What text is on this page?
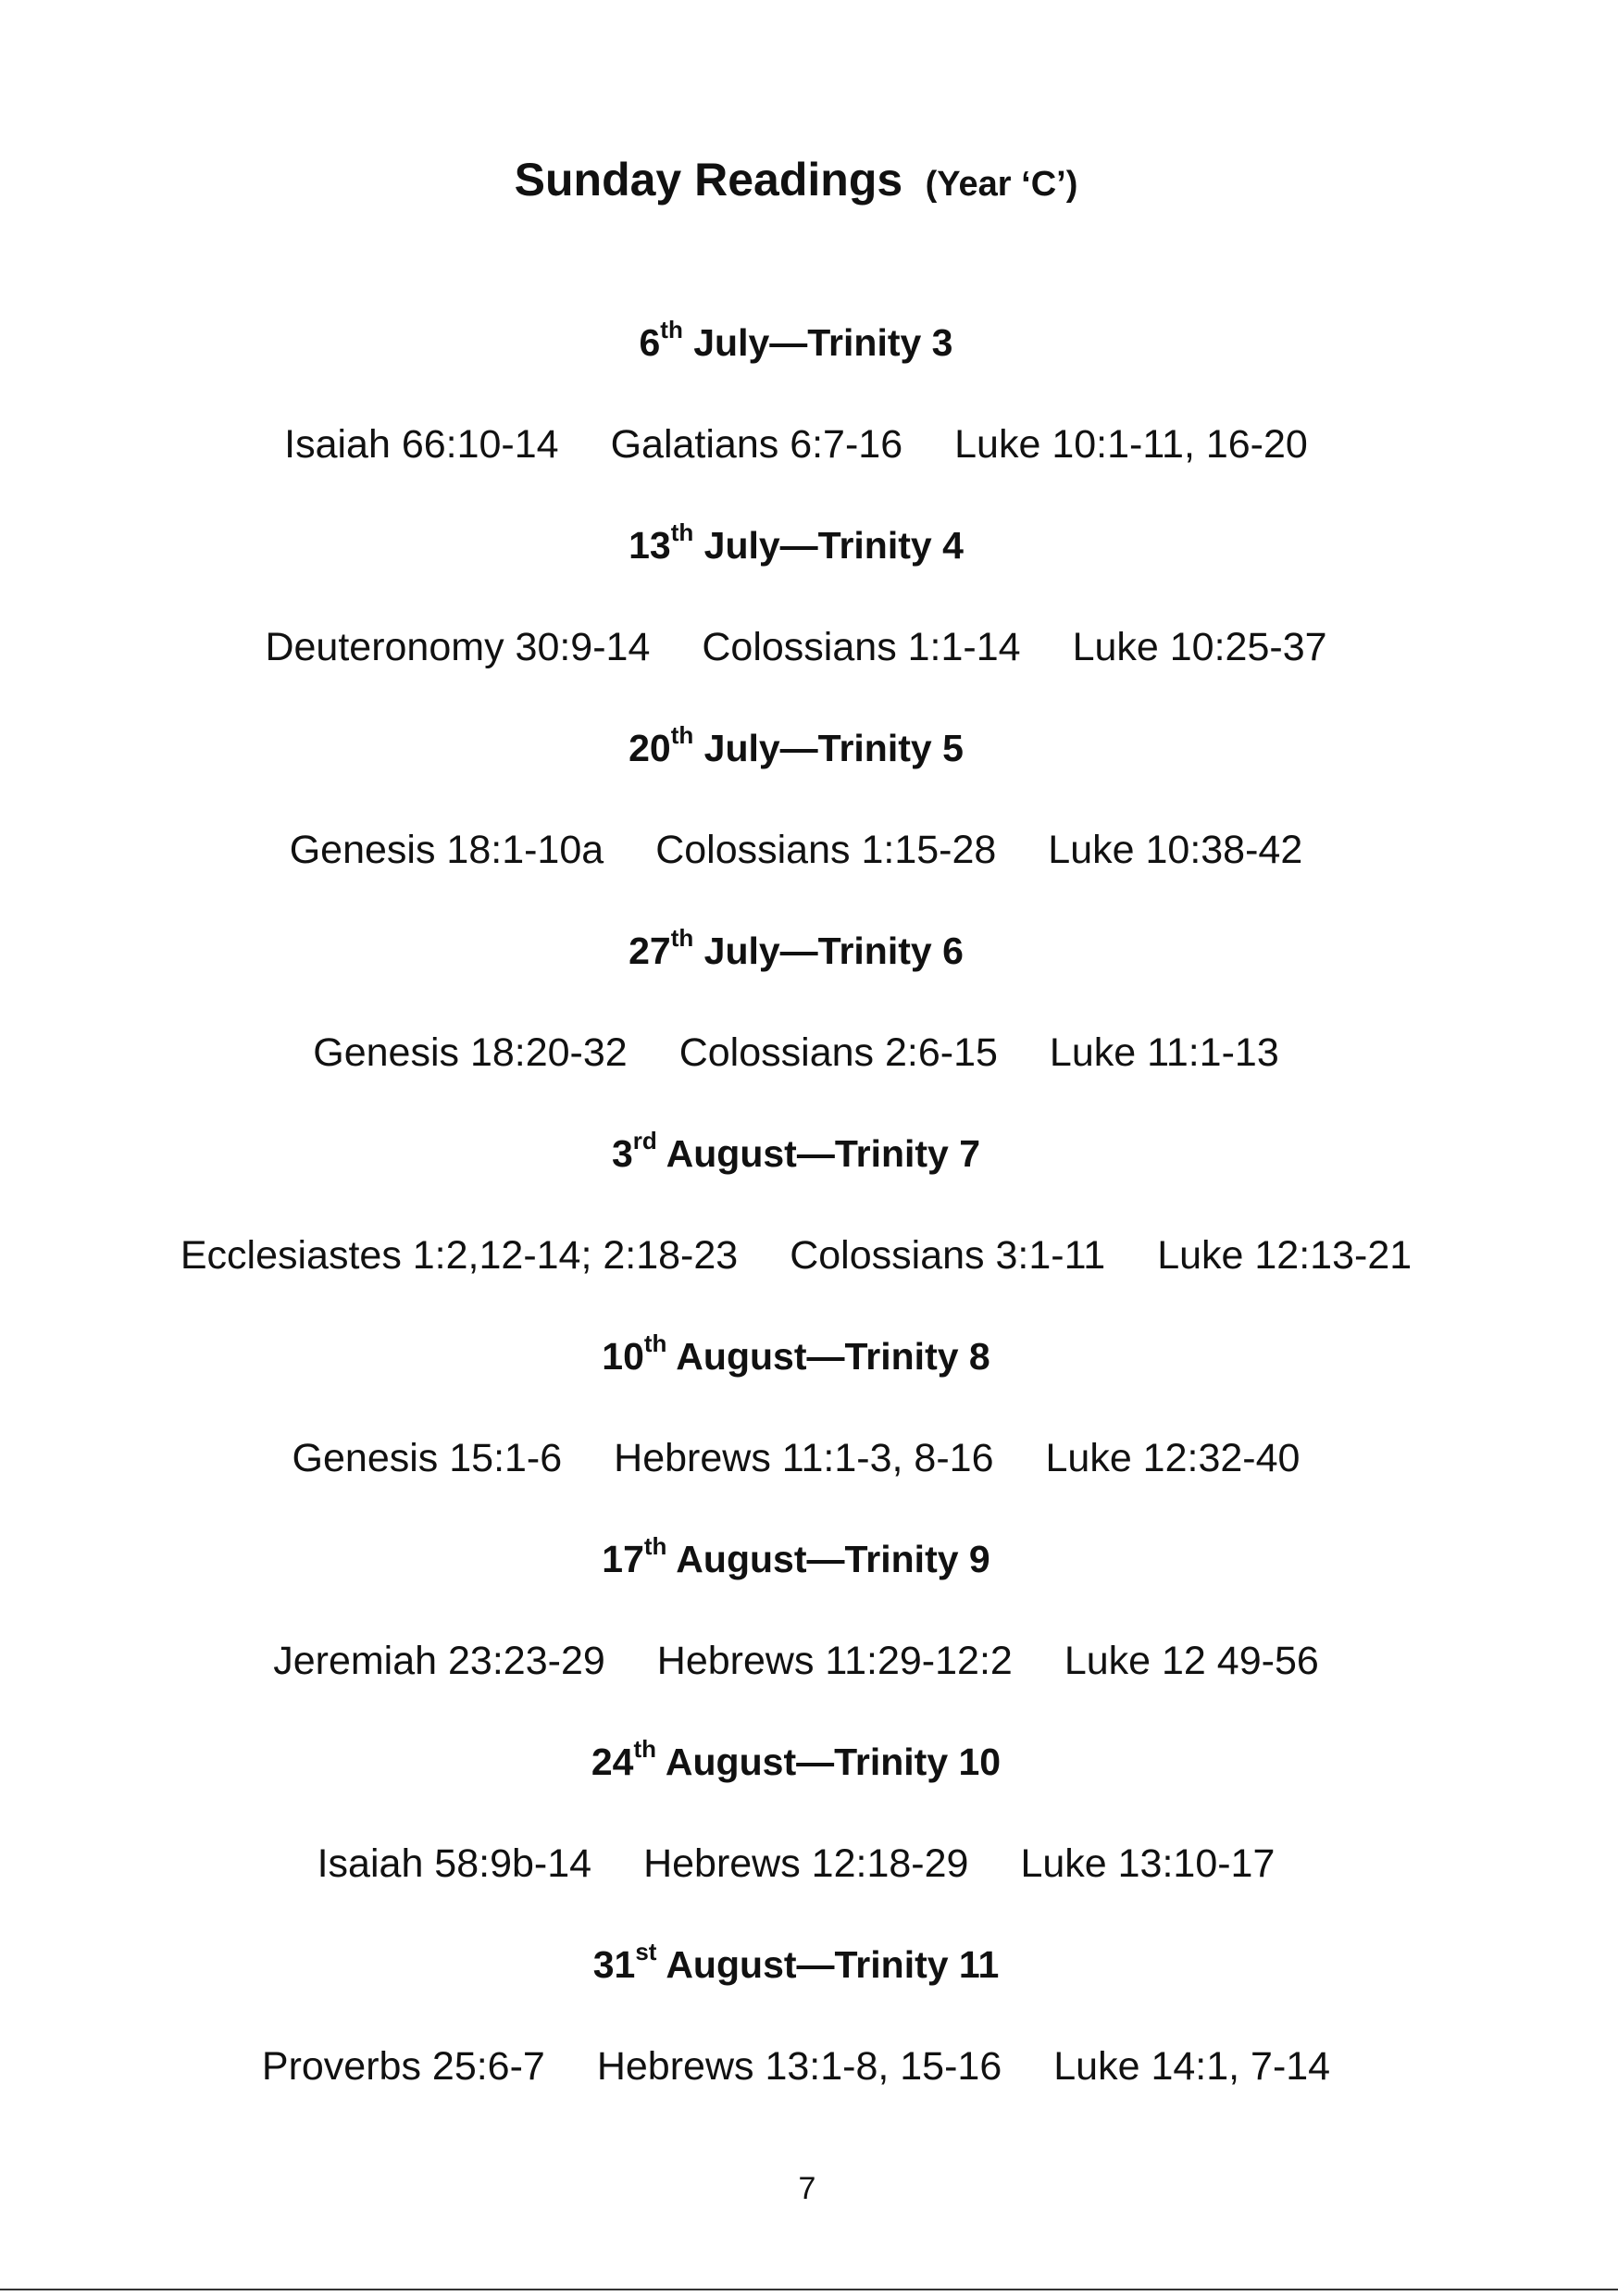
Sunday Readings (Year ‘C’)
6th July—Trinity 3
Isaiah 66:10-14 Galatians 6:7-16 Luke 10:1-11, 16-20
13th July—Trinity 4
Deuteronomy 30:9-14 Colossians 1:1-14 Luke 10:25-37
20th July—Trinity 5
Genesis 18:1-10a Colossians 1:15-28 Luke 10:38-42
27th July—Trinity 6
Genesis 18:20-32 Colossians 2:6-15 Luke 11:1-13
3rd August—Trinity 7
Ecclesiastes 1:2,12-14; 2:18-23 Colossians 3:1-11 Luke 12:13-21
10th August—Trinity 8
Genesis 15:1-6 Hebrews 11:1-3, 8-16 Luke 12:32-40
17th August—Trinity 9
Jeremiah 23:23-29 Hebrews 11:29-12:2 Luke 12 49-56
24th August—Trinity 10
Isaiah 58:9b-14 Hebrews 12:18-29 Luke 13:10-17
31st August—Trinity 11
Proverbs 25:6-7 Hebrews 13:1-8, 15-16 Luke 14:1, 7-14
7
